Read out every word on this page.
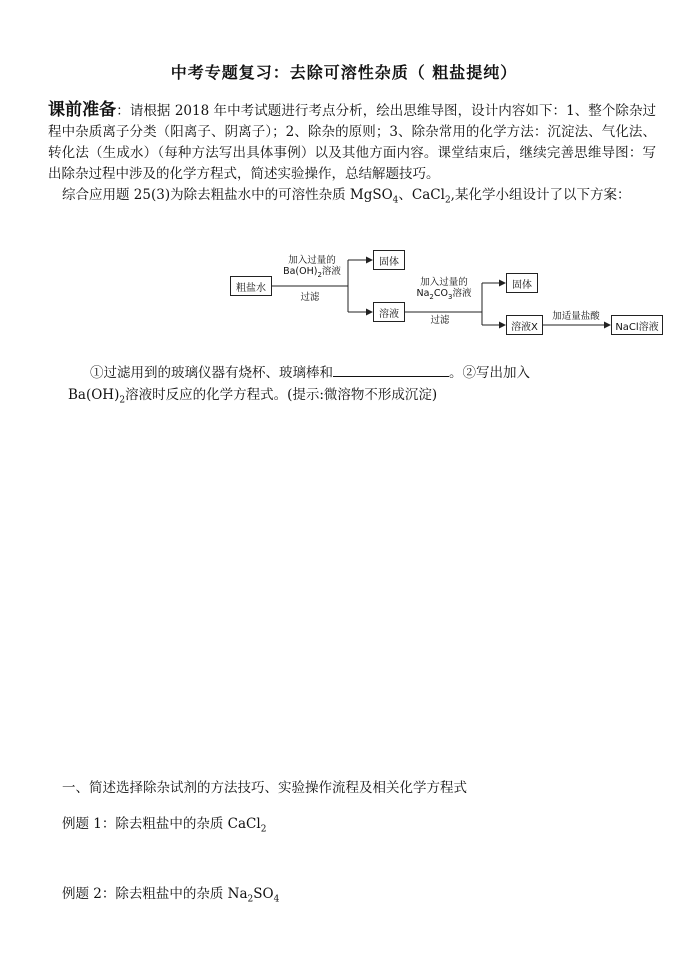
中考专题复习：去除可溶性杂质（ 粗盐提纯）

课前准备：请根据 2018 年中考试题进行考点分析，绘出思维导图，设计内容如下：1、整个除杂过程中杂质离子分类（阳离子、阴离子）；2、除杂的原则；3、除杂常用的化学方法：沉淀法、气化法、转化法（生成水）（每种方法写出具体事例）以及其他方面内容。课堂结束后，继续完善思维导图：写出除杂过程中涉及的化学方程式，简述实验操作，总结解题技巧。

综合应用题 25(3)为除去粗盐水中的可溶性杂质 MgSO$_4$、CaCl$_2$,某化学小组设计了以下方案：

粗盐水
加入过量的
$Ba(OH)_2$溶液
过滤
固体
溶液
加入过量的
$Na_2CO_3$溶液
过滤
固体
溶液X
加适量盐酸
NaCl溶液
①过滤用到的玻璃仪器有烧杯、玻璃棒和	。②写出加入
$Ba(OH)_2$溶液时反应的化学方程式。(提示:微溶物不形成沉淀)
一、简述选择除杂试剂的方法技巧、实验操作流程及相关化学方程式
例题 1：除去粗盐中的杂质 CaCl$_2$
例题 2：除去粗盐中的杂质 $Na_2SO_4$
